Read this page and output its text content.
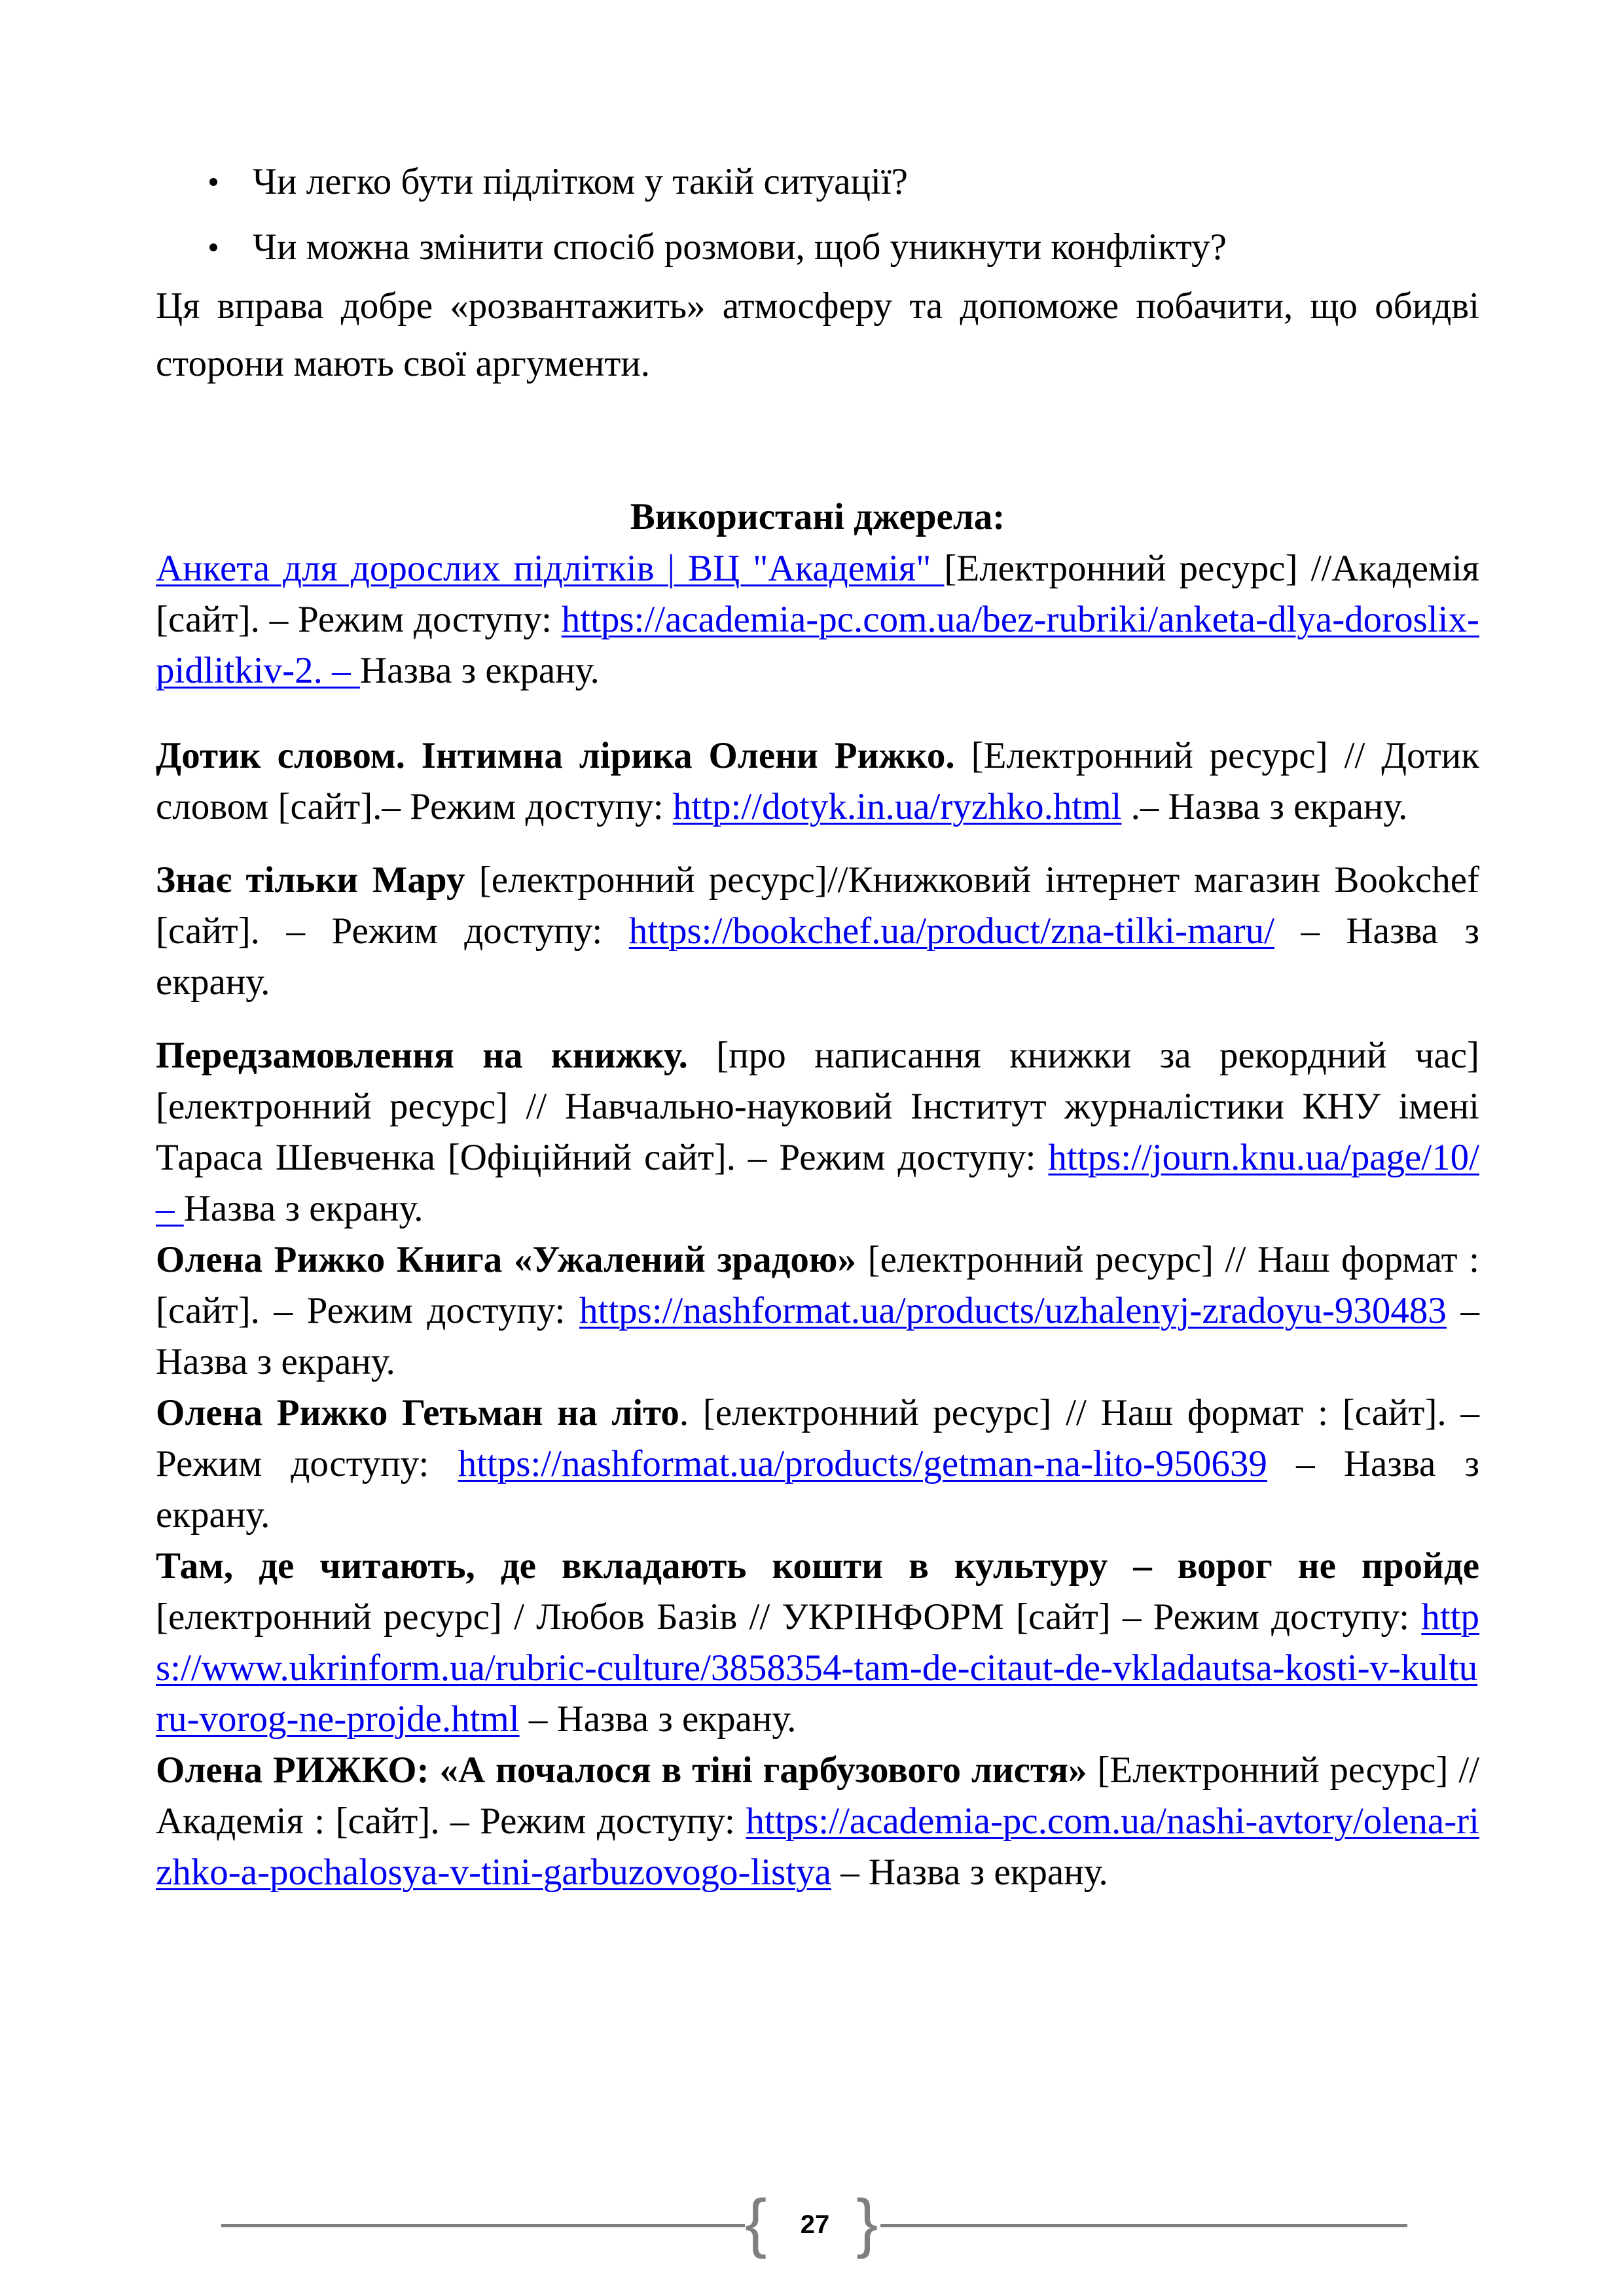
Чи легко бути підлітком у такій ситуації?
Чи можна змінити спосіб розмови, щоб уникнути конфлікту?

Ця вправа добре «розвантажить» атмосферу та допоможе побачити, що обидві сторони мають свої аргументи.

Використані джерела:

Анкета для дорослих підлітків | ВЦ "Академія" [Електронний ресурс] //Академія [сайт]. – Режим доступу: https://academia-pc.com.ua/bez-rubriki/anketa-dlya-doroslix-pidlitkiv-2. – Назва з екрану.

Дотик словом. Інтимна лірика Олени Рижко. [Електронний ресурс] // Дотик словом [сайт].– Режим доступу: http://dotyk.in.ua/ryzhko.html .– Назва з екрану.

Знає тільки Мару [електронний ресурс]//Книжковий інтернет магазин Bookchef [сайт]. – Режим доступу: https://bookchef.ua/product/zna-tilki-maru/ – Назва з екрану.

Передзамовлення на книжку. [про написання книжки за рекордний час] [електронний ресурс] // Навчально-науковий Інститут журналістики КНУ імені Тараса Шевченка [Офіційний сайт]. – Режим доступу: https://journ.knu.ua/page/10/ – Назва з екрану.

Олена Рижко Книга «Ужалений зрадою» [електронний ресурс] // Наш формат : [сайт]. – Режим доступу: https://nashformat.ua/products/uzhalenyj-zradoyu-930483 – Назва з екрану.

Олена Рижко Гетьман на літо. [електронний ресурс] // Наш формат : [сайт]. – Режим доступу: https://nashformat.ua/products/getman-na-lito-950639 – Назва з екрану.

Там, де читають, де вкладають кошти в культуру – ворог не пройде [електронний ресурс] / Любов Базів // УКРІНФОРМ [сайт] – Режим доступу: https://www.ukrinform.ua/rubric-culture/3858354-tam-de-citaut-de-vkladautsa-kosti-v-kulturu-vorog-ne-projde.html – Назва з екрану.

Олена РИЖКО: «А почалося в тіні гарбузового листя» [Електронний ресурс] // Академія : [сайт]. – Режим доступу: https://academia-pc.com.ua/nashi-avtory/olena-rizhko-a-pochalosya-v-tini-garbuzovogo-listya – Назва з екрану.

{	27 }
